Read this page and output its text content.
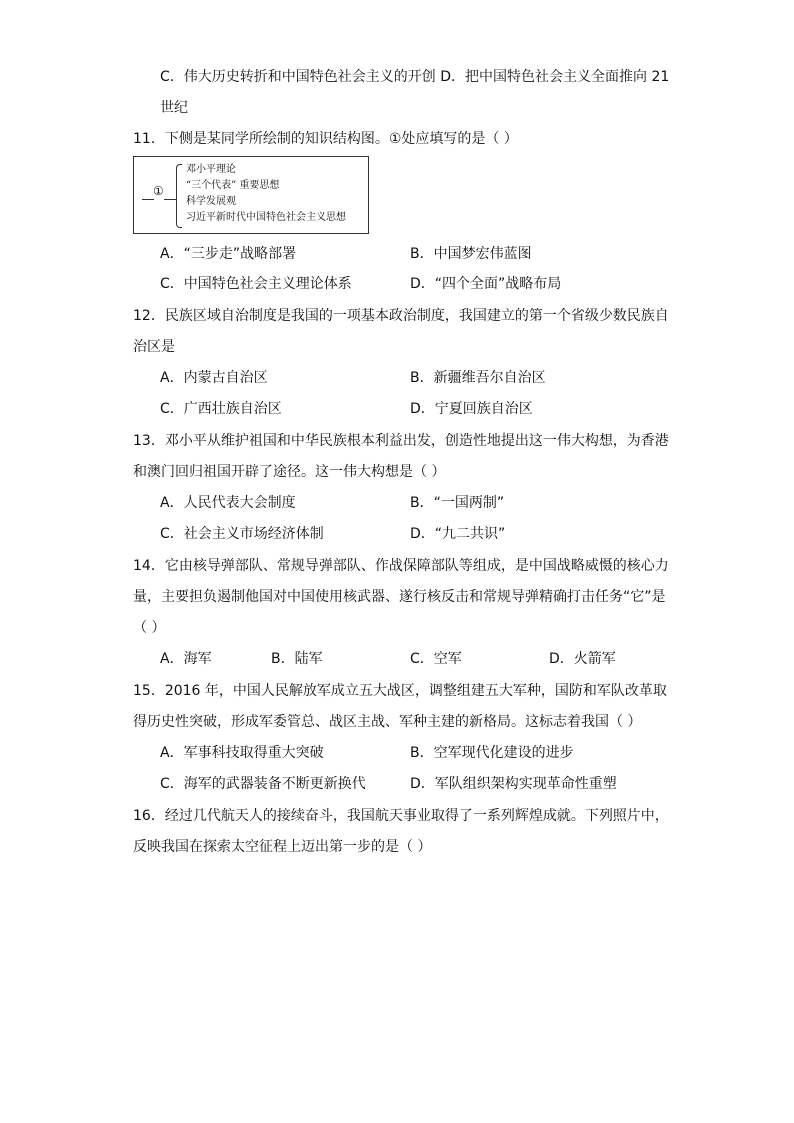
C．伟大历史转折和中国特色社会主义的开创 D．把中国特色社会主义全面推向 21
世纪
11．下侧是某同学所绘制的知识结构图。①处应填写的是（ ）
①
邓小平理论
“三个代表” 重要思想
科学发展观
习近平新时代中国特色社会主义思想
A．“三步走”战略部署	B．中国梦宏伟蓝图
C．中国特色社会主义理论体系	D．“四个全面”战略布局
12．民族区域自治制度是我国的一项基本政治制度，我国建立的第一个省级少数民族自
治区是
A．内蒙古自治区	B．新疆维吾尔自治区
C．广西壮族自治区	D．宁夏回族自治区
13．邓小平从维护祖国和中华民族根本利益出发，创造性地提出这一伟大构想，为香港
和澳门回归祖国开辟了途径。这一伟大构想是（ ）
A．人民代表大会制度	B．“一国两制”
C．社会主义市场经济体制	D．“九二共识”
14．它由核导弹部队、常规导弹部队、作战保障部队等组成，是中国战略威慑的核心力
量，主要担负遏制他国对中国使用核武器、遂行核反击和常规导弹精确打击任务“它”是
（ ）
A．海军	B．陆军	C．空军	D．火箭军
15．2016 年，中国人民解放军成立五大战区，调整组建五大军种，国防和军队改革取
得历史性突破，形成军委管总、战区主战、军种主建的新格局。这标志着我国（ ）
A．军事科技取得重大突破	B．空军现代化建设的进步
C．海军的武器装备不断更新换代	D．军队组织架构实现革命性重塑
16．经过几代航天人的接续奋斗，我国航天事业取得了一系列辉煌成就。下列照片中，
反映我国在探索太空征程上迈出第一步的是（ ）
